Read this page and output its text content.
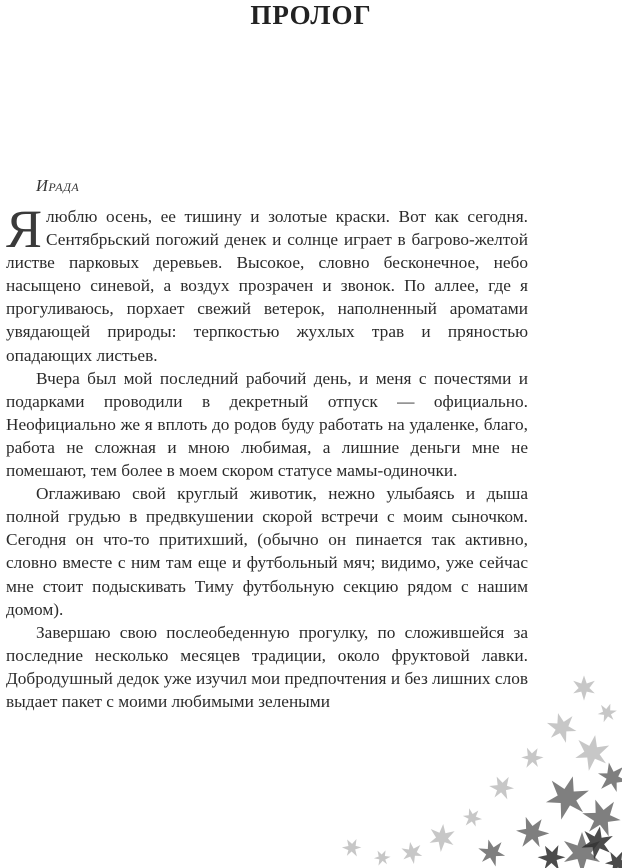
ПРОЛОГ
Ирада

Я люблю осень, ее тишину и золотые краски. Вот как сегодня. Сентябрьский погожий денек и солнце играет в багрово-желтой листве парковых деревьев. Высокое, словно бесконечное, небо насыщено синевой, а воздух прозрачен и звонок. По аллее, где я прогуливаюсь, порхает свежий ветерок, наполненный ароматами увядающей природы: терпкостью жухлых трав и пряностью опадающих листьев.

Вчера был мой последний рабочий день, и меня с почестями и подарками проводили в декретный отпуск — официально. Неофициально же я вплоть до родов буду работать на удаленке, благо, работа не сложная и мною любимая, а лишние деньги мне не помешают, тем более в моем скором статусе мамы-одиночки.

Оглаживаю свой круглый животик, нежно улыбаясь и дыша полной грудью в предвкушении скорой встречи с моим сыночком. Сегодня он что-то притихший, (обычно он пинается так активно, словно вместе с ним там еще и футбольный мяч; видимо, уже сейчас мне стоит подыскивать Тиму футбольную секцию рядом с нашим домом).

Завершаю свою послеобеденную прогулку, по сложившейся за последние несколько месяцев традиции, около фруктовой лавки. Добродушный дедок уже изучил мои предпочтения и без лишних слов выдает пакет с моими любимыми зелеными
